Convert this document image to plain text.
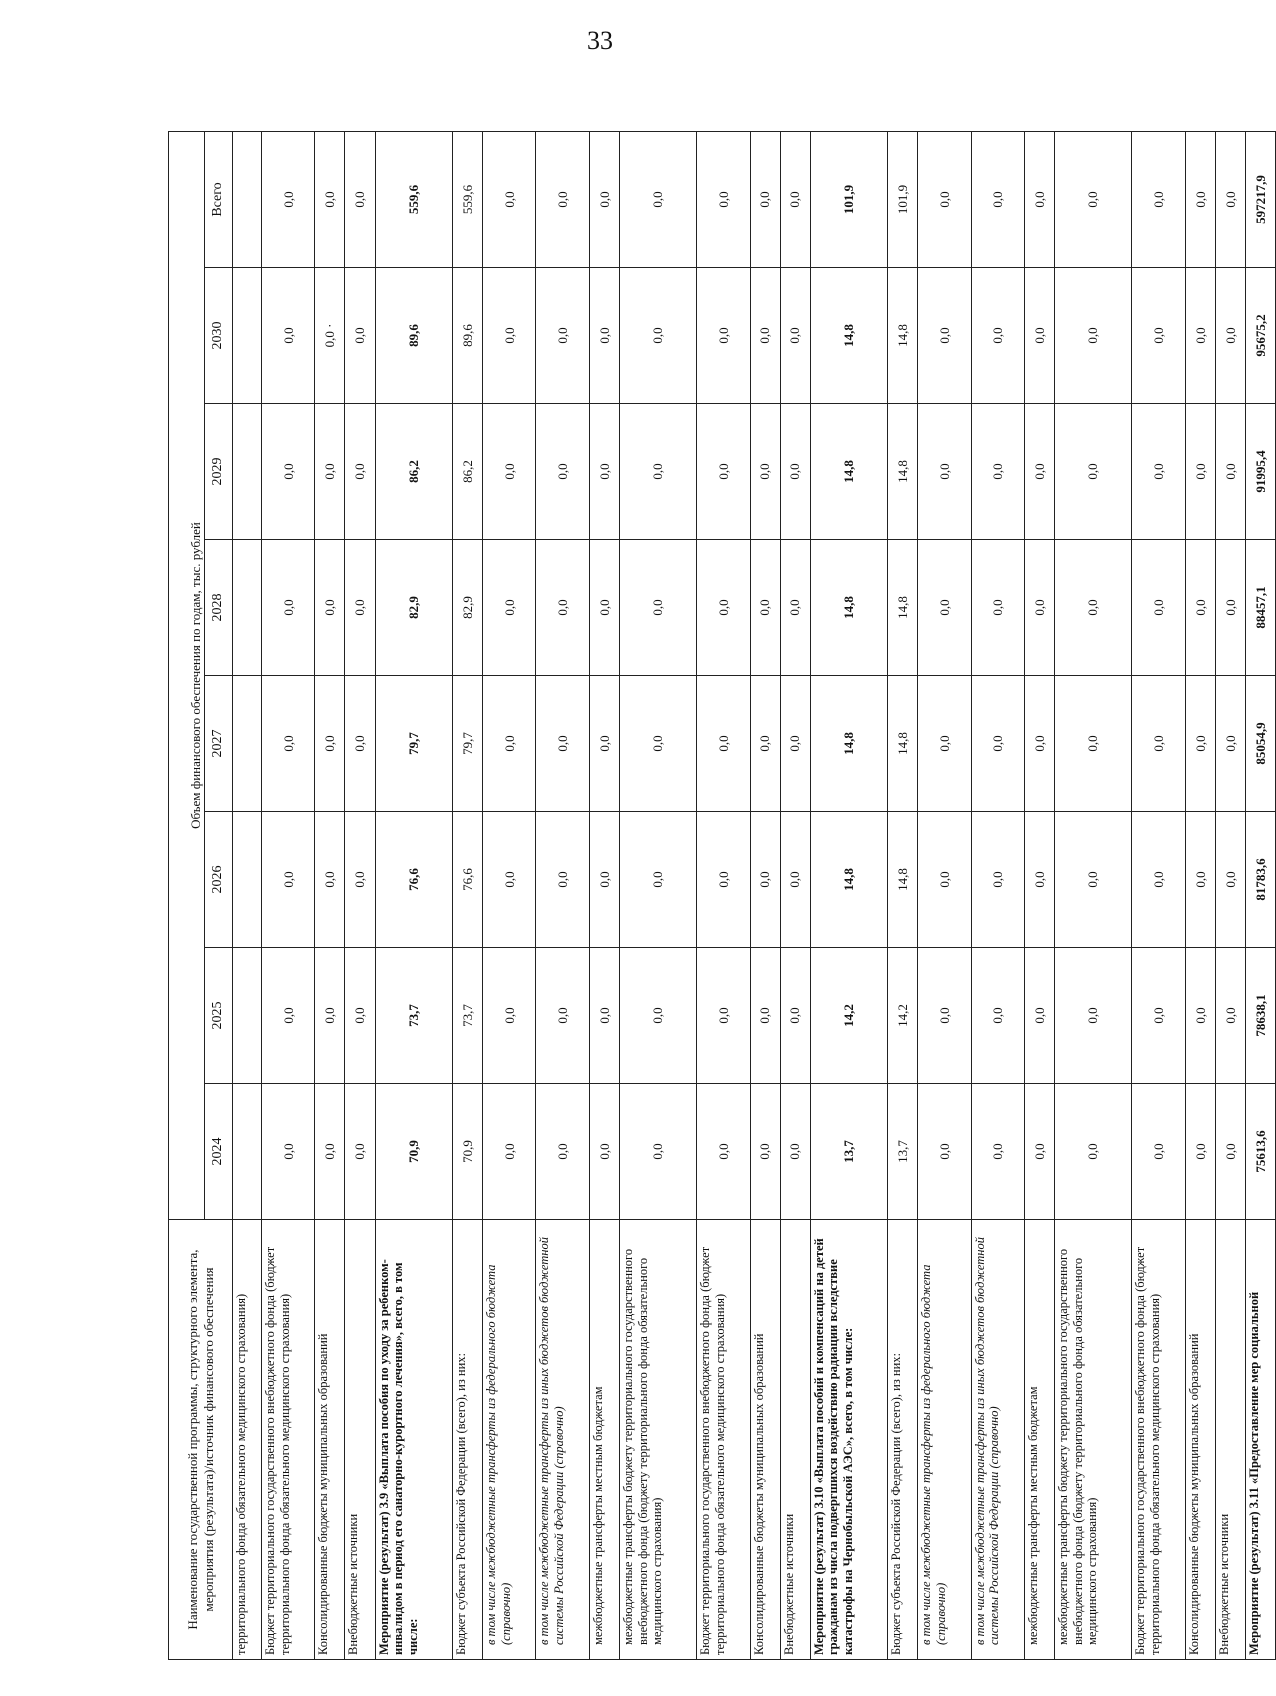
33
Наименование государственной программы, структурного элемента, мероприятия (результата)/источник финансового обеспечения	Объем финансового обеспечения по годам, тыс. рублей							
	2024	2025	2026	2027	2028	2029	2030	Всего
территориального фонда обязательного медицинского страхования)								
Бюджет территориального государственного внебюджетного фонда (бюджет территориального фонда обязательного медицинского страхования)	0,0	0,0	0,0	0,0	0,0	0,0	0,0	0,0
Консолидированные бюджеты муниципальных образований	0,0	0,0	0,0	0,0	0,0	0,0	0,0 ·	0,0
Внебюджетные источники	0,0	0,0	0,0	0,0	0,0	0,0	0,0	0,0
Мероприятие (результат) 3.9 «Выплата пособия по уходу за ребенком-инвалидом в период его санаторно-курортного лечения», всего, в том числе:	70,9	73,7	76,6	79,7	82,9	86,2	89,6	559,6
Бюджет субъекта Российской Федерации (всего), из них:	70,9	73,7	76,6	79,7	82,9	86,2	89,6	559,6
в том числе межбюджетные трансферты из федерального бюджета (справочно)	0,0	0,0	0,0	0,0	0,0	0,0	0,0	0,0
в том числе межбюджетные трансферты из иных бюджетов бюджетной системы Российской Федерации (справочно)	0,0	0,0	0,0	0,0	0,0	0,0	0,0	0,0
межбюджетные трансферты местным бюджетам	0,0	0,0	0,0	0,0	0,0	0,0	0,0	0,0
межбюджетные трансферты бюджету территориального государственного внебюджетного фонда (бюджету территориального фонда обязательного медицинского страхования)	0,0	0,0	0,0	0,0	0,0	0,0	0,0	0,0
Бюджет территориального государственного внебюджетного фонда (бюджет территориального фонда обязательного медицинского страхования)	0,0	0,0	0,0	0,0	0,0	0,0	0,0	0,0
Консолидированные бюджеты муниципальных образований	0,0	0,0	0,0	0,0	0,0	0,0	0,0	0,0
Внебюджетные источники	0,0	0,0	0,0	0,0	0,0	0,0	0,0	0,0
Мероприятие (результат) 3.10 «Выплата пособий и компенсаций на детей гражданам из числа подвергшихся воздействию радиации вследствие катастрофы на Чернобыльской АЭС», всего, в том числе:	13,7	14,2	14,8	14,8	14,8	14,8	14,8	101,9
Бюджет субъекта Российской Федерации (всего), из них:	13,7	14,2	14,8	14,8	14,8	14,8	14,8	101,9
в том числе межбюджетные трансферты из федерального бюджета (справочно)	0,0	0,0	0,0	0,0	0,0	0,0	0,0	0,0
в том числе межбюджетные трансферты из иных бюджетов бюджетной системы Российской Федерации (справочно)	0,0	0,0	0,0	0,0	0,0	0,0	0,0	0,0
межбюджетные трансферты местным бюджетам	0,0	0,0	0,0	0,0	0,0	0,0	0,0	0,0
межбюджетные трансферты бюджету территориального государственного внебюджетного фонда (бюджету территориального фонда обязательного медицинского страхования)	0,0	0,0	0,0	0,0	0,0	0,0	0,0	0,0
Бюджет территориального государственного внебюджетного фонда (бюджет территориального фонда обязательного медицинского страхования)	0,0	0,0	0,0	0,0	0,0	0,0	0,0	0,0
Консолидированные бюджеты муниципальных образований	0,0	0,0	0,0	0,0	0,0	0,0	0,0	0,0
Внебюджетные источники	0,0	0,0	0,0	0,0	0,0	0,0	0,0	0,0
Мероприятие (результат) 3.11 «Предоставление мер социальной	75613,6	78638,1	81783,6	85054,9	88457,1	91995,4	95675,2	597217,9
